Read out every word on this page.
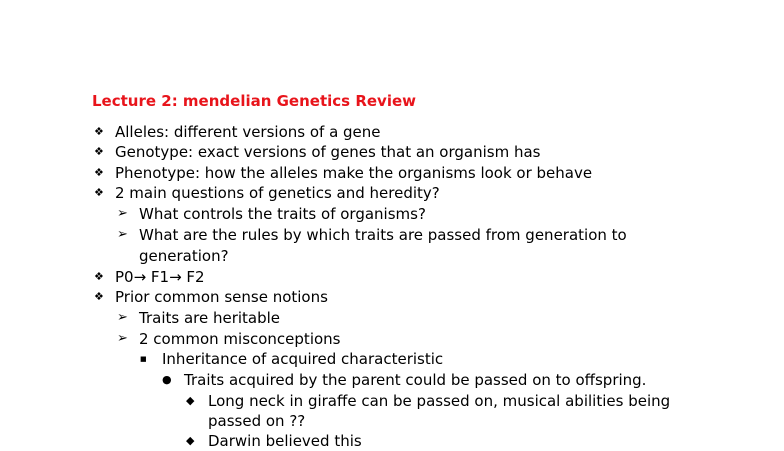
Lecture 2: mendelian Genetics Review
❖ Alleles: different versions of a gene
❖ Genotype: exact versions of genes that an organism has
❖ Phenotype: how the alleles make the organisms look or behave
❖ 2 main questions of genetics and heredity?
➢ What controls the traits of organisms?
➢ What are the rules by which traits are passed from generation to
generation?
❖ P0→ F1→ F2
❖ Prior common sense notions
➢ Traits are heritable
➢ 2 common misconceptions
■ Inheritance of acquired characteristic
● Traits acquired by the parent could be passed on to offspring.
◆ Long neck in giraffe can be passed on, musical abilities being
passed on ??
◆ Darwin believed this
